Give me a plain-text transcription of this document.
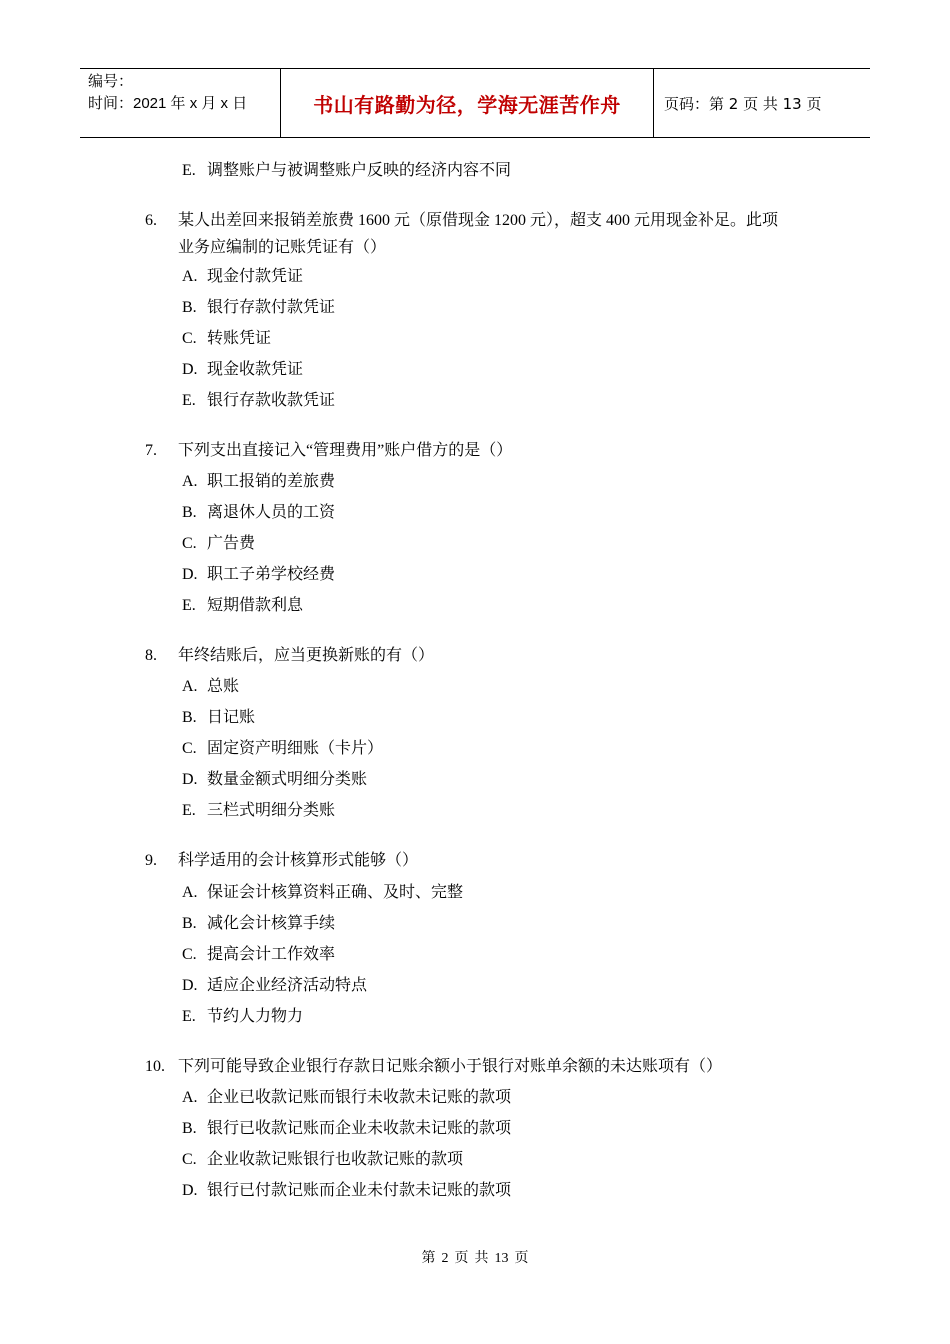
编号：
时间：2021 年 x 月 x 日	书山有路勤为径，学海无涯苦作舟	页码：第 2 页 共 13 页
E. 调整账户与被调整账户反映的经济内容不同
6. 某人出差回来报销差旅费 1600 元（原借现金 1200 元），超支 400 元用现金补足。此项
业务应编制的记账凭证有（）
A. 现金付款凭证
B. 银行存款付款凭证
C. 转账凭证
D. 现金收款凭证
E. 银行存款收款凭证
7. 下列支出直接记入“管理费用”账户借方的是（）
A. 职工报销的差旅费
B. 离退休人员的工资
C. 广告费
D. 职工子弟学校经费
E. 短期借款利息
8. 年终结账后，应当更换新账的有（）
A. 总账
B. 日记账
C. 固定资产明细账（卡片）
D. 数量金额式明细分类账
E. 三栏式明细分类账
9. 科学适用的会计核算形式能够（）
A. 保证会计核算资料正确、及时、完整
B. 减化会计核算手续
C. 提高会计工作效率
D. 适应企业经济活动特点
E. 节约人力物力
10. 下列可能导致企业银行存款日记账余额小于银行对账单余额的未达账项有（）
A. 企业已收款记账而银行未收款未记账的款项
B. 银行已收款记账而企业未收款未记账的款项
C. 企业收款记账银行也收款记账的款项
D. 银行已付款记账而企业未付款未记账的款项
第 2 页 共 13 页
